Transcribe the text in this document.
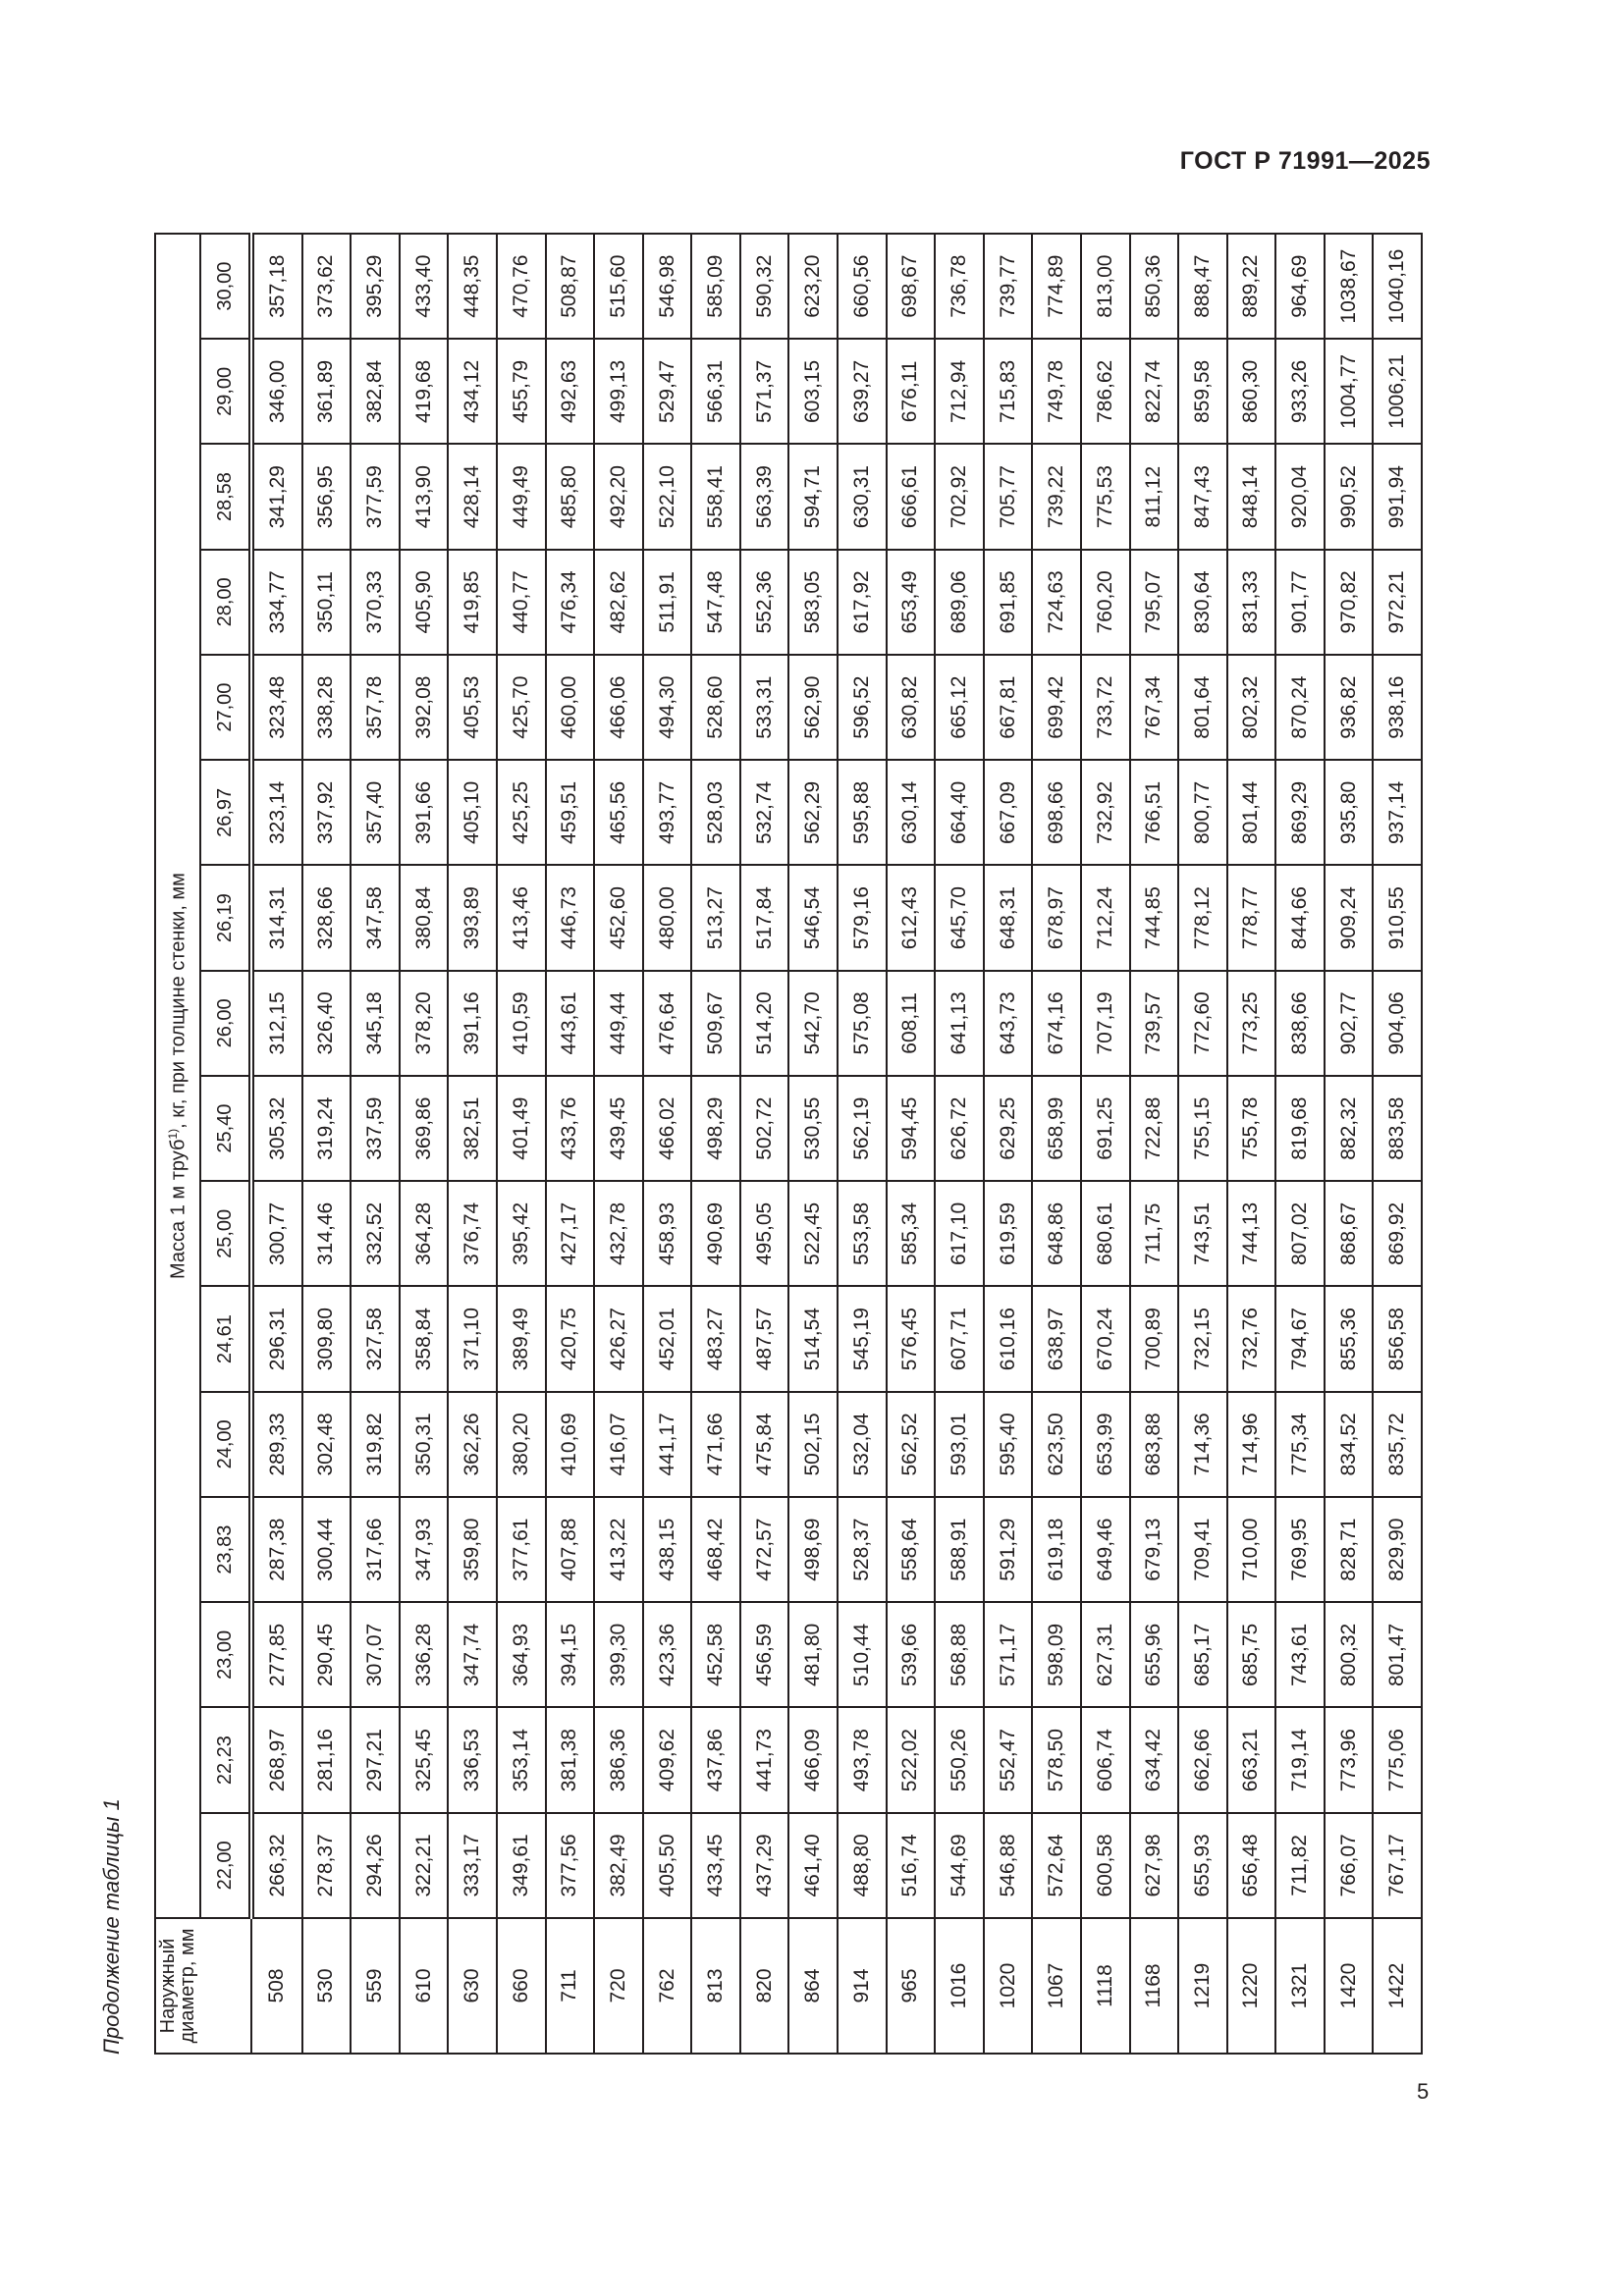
ГОСТ Р 71991—2025
Продолжение таблицы 1 Наружный диаметр, мм	Масса 1 м труб$^{1)}$, кг, при толщине стенки, мм															
	22,00	22,23	23,00	23,83	24,00	24,61	25,00	25,40	26,00	26,19	26,97	27,00	28,00	28,58	29,00	30,00
508	266,32	268,97	277,85	287,38	289,33	296,31	300,77	305,32	312,15	314,31	323,14	323,48	334,77	341,29	346,00	357,18
530	278,37	281,16	290,45	300,44	302,48	309,80	314,46	319,24	326,40	328,66	337,92	338,28	350,11	356,95	361,89	373,62
559	294,26	297,21	307,07	317,66	319,82	327,58	332,52	337,59	345,18	347,58	357,40	357,78	370,33	377,59	382,84	395,29
610	322,21	325,45	336,28	347,93	350,31	358,84	364,28	369,86	378,20	380,84	391,66	392,08	405,90	413,90	419,68	433,40
630	333,17	336,53	347,74	359,80	362,26	371,10	376,74	382,51	391,16	393,89	405,10	405,53	419,85	428,14	434,12	448,35
660	349,61	353,14	364,93	377,61	380,20	389,49	395,42	401,49	410,59	413,46	425,25	425,70	440,77	449,49	455,79	470,76
711	377,56	381,38	394,15	407,88	410,69	420,75	427,17	433,76	443,61	446,73	459,51	460,00	476,34	485,80	492,63	508,87
720	382,49	386,36	399,30	413,22	416,07	426,27	432,78	439,45	449,44	452,60	465,56	466,06	482,62	492,20	499,13	515,60
762	405,50	409,62	423,36	438,15	441,17	452,01	458,93	466,02	476,64	480,00	493,77	494,30	511,91	522,10	529,47	546,98
813	433,45	437,86	452,58	468,42	471,66	483,27	490,69	498,29	509,67	513,27	528,03	528,60	547,48	558,41	566,31	585,09
820	437,29	441,73	456,59	472,57	475,84	487,57	495,05	502,72	514,20	517,84	532,74	533,31	552,36	563,39	571,37	590,32
864	461,40	466,09	481,80	498,69	502,15	514,54	522,45	530,55	542,70	546,54	562,29	562,90	583,05	594,71	603,15	623,20
914	488,80	493,78	510,44	528,37	532,04	545,19	553,58	562,19	575,08	579,16	595,88	596,52	617,92	630,31	639,27	660,56
965	516,74	522,02	539,66	558,64	562,52	576,45	585,34	594,45	608,11	612,43	630,14	630,82	653,49	666,61	676,11	698,67
1016	544,69	550,26	568,88	588,91	593,01	607,71	617,10	626,72	641,13	645,70	664,40	665,12	689,06	702,92	712,94	736,78
1020	546,88	552,47	571,17	591,29	595,40	610,16	619,59	629,25	643,73	648,31	667,09	667,81	691,85	705,77	715,83	739,77
1067	572,64	578,50	598,09	619,18	623,50	638,97	648,86	658,99	674,16	678,97	698,66	699,42	724,63	739,22	749,78	774,89
1118	600,58	606,74	627,31	649,46	653,99	670,24	680,61	691,25	707,19	712,24	732,92	733,72	760,20	775,53	786,62	813,00
1168	627,98	634,42	655,96	679,13	683,88	700,89	711,75	722,88	739,57	744,85	766,51	767,34	795,07	811,12	822,74	850,36
1219	655,93	662,66	685,17	709,41	714,36	732,15	743,51	755,15	772,60	778,12	800,77	801,64	830,64	847,43	859,58	888,47
1220	656,48	663,21	685,75	710,00	714,96	732,76	744,13	755,78	773,25	778,77	801,44	802,32	831,33	848,14	860,30	889,22
1321	711,82	719,14	743,61	769,95	775,34	794,67	807,02	819,68	838,66	844,66	869,29	870,24	901,77	920,04	933,26	964,69
1420	766,07	773,96	800,32	828,71	834,52	855,36	868,67	882,32	902,77	909,24	935,80	936,82	970,82	990,52	1004,77	1038,67
1422	767,17	775,06	801,47	829,90	835,72	856,58	869,92	883,58	904,06	910,55	937,14	938,16	972,21	991,94	1006,21	1040,16
5
